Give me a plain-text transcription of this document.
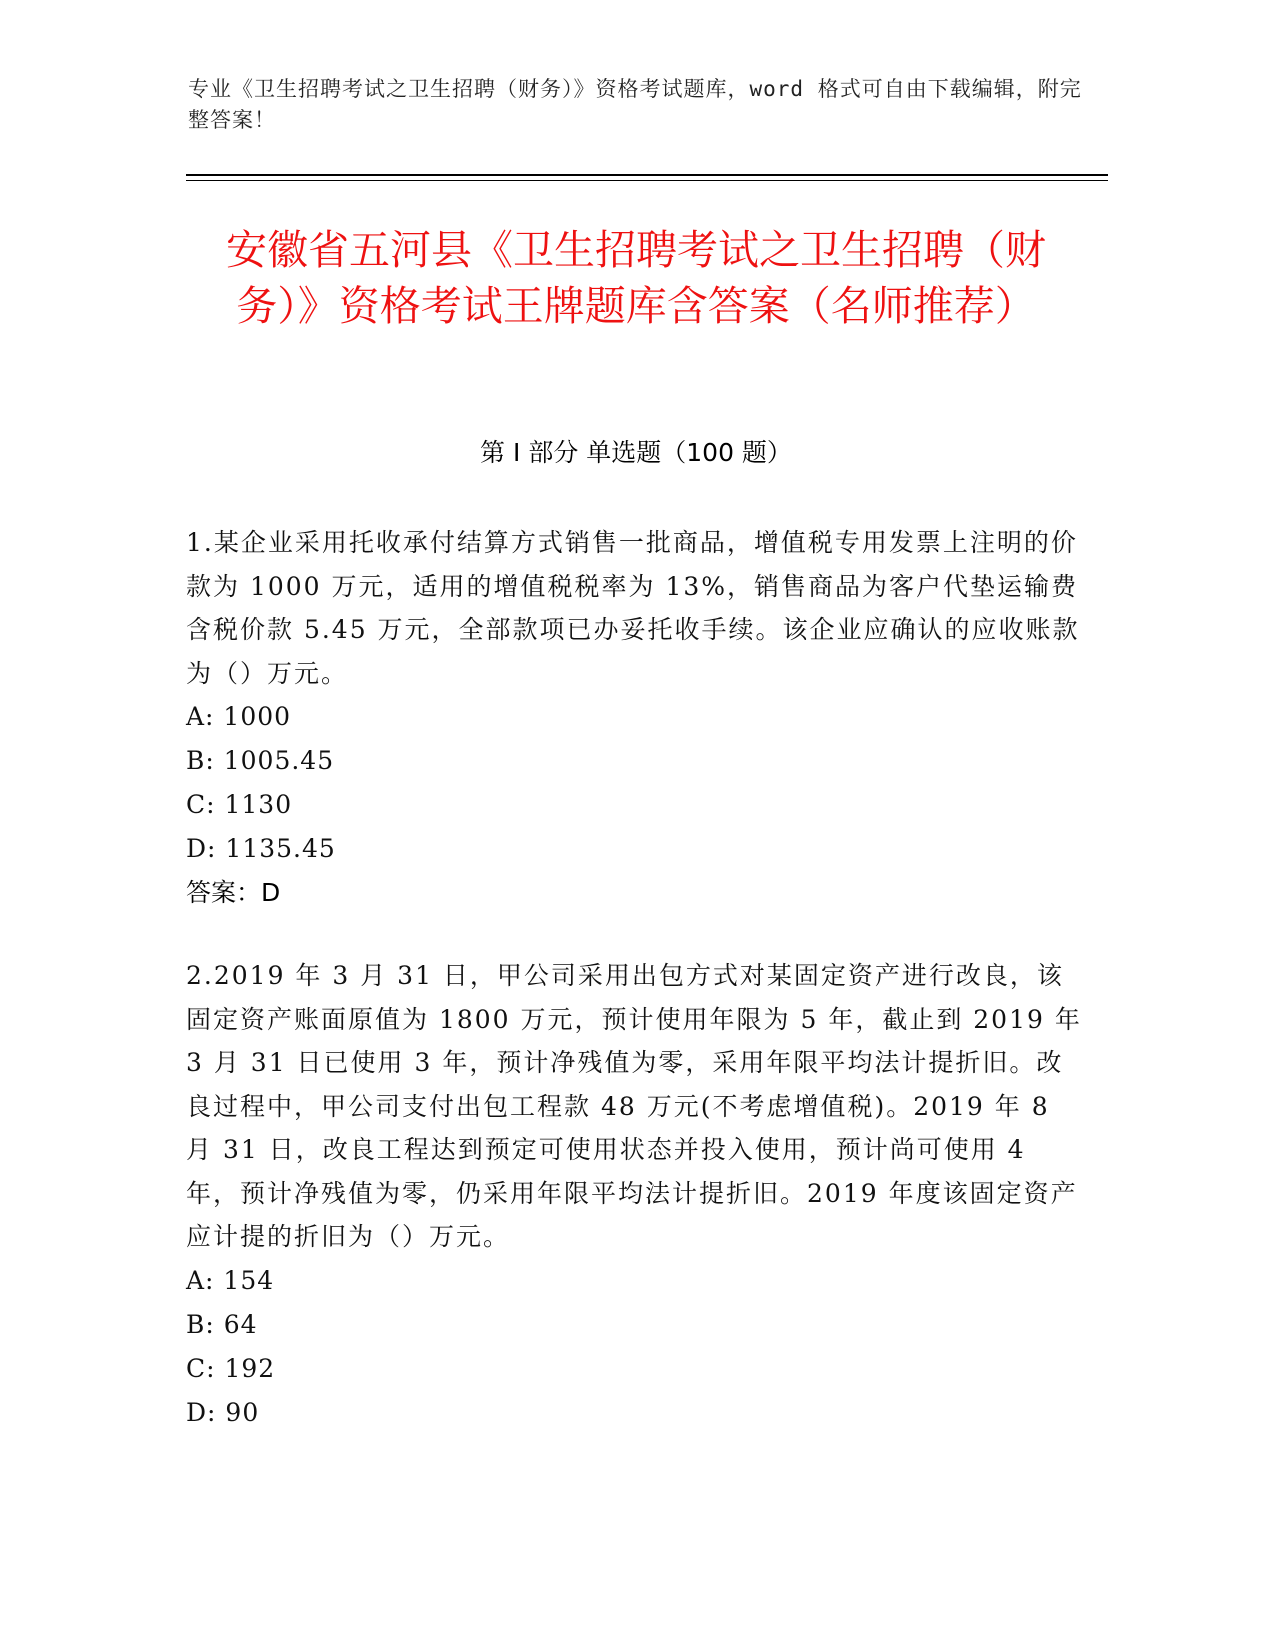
专业《卫生招聘考试之卫生招聘（财务）》资格考试题库，word 格式可自由下载编辑，附完整答案！
安徽省五河县《卫生招聘考试之卫生招聘（财务）》资格考试王牌题库含答案（名师推荐）
第 I 部分 单选题（100 题）
1.某企业采用托收承付结算方式销售一批商品，增值税专用发票上注明的价款为 1000 万元，适用的增值税税率为 13%，销售商品为客户代垫运输费含税价款 5.45 万元，全部款项已办妥托收手续。该企业应确认的应收账款为（）万元。
A: 1000
B: 1005.45
C: 1130
D: 1135.45
答案：D
2.2019 年 3 月 31 日，甲公司采用出包方式对某固定资产进行改良，该固定资产账面原值为 1800 万元，预计使用年限为 5 年，截止到 2019 年 3 月 31 日已使用 3 年，预计净残值为零，采用年限平均法计提折旧。改良过程中，甲公司支付出包工程款 48 万元(不考虑增值税)。2019 年 8 月 31 日，改良工程达到预定可使用状态并投入使用，预计尚可使用 4 年，预计净残值为零，仍采用年限平均法计提折旧。2019 年度该固定资产应计提的折旧为（）万元。
A: 154
B: 64
C: 192
D: 90
